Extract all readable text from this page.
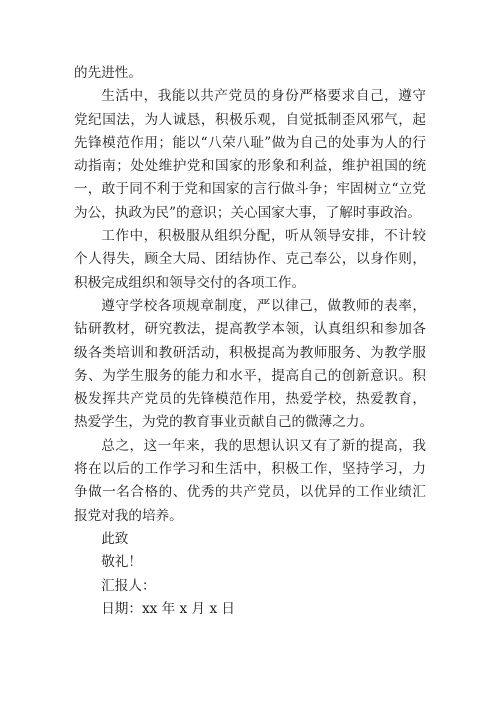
的先进性。

生活中，我能以共产党员的身份严格要求自己，遵守党纪国法，为人诚恳，积极乐观，自觉抵制歪风邪气，起先锋模范作用；能以“八荣八耻”做为自己的处事为人的行动指南；处处维护党和国家的形象和利益，维护祖国的统一，敢于同不利于党和国家的言行做斗争；牢固树立“立党为公，执政为民”的意识；关心国家大事，了解时事政治。

工作中，积极服从组织分配，听从领导安排，不计较个人得失，顾全大局、团结协作、克己奉公，以身作则，积极完成组织和领导交付的各项工作。

遵守学校各项规章制度，严以律己，做教师的表率，钻研教材，研究教法，提高教学本领，认真组织和参加各级各类培训和教研活动，积极提高为教师服务、为教学服务、为学生服务的能力和水平，提高自己的创新意识。积极发挥共产党员的先锋模范作用，热爱学校，热爱教育，热爱学生，为党的教育事业贡献自己的微薄之力。

总之，这一年来，我的思想认识又有了新的提高，我将在以后的工作学习和生活中，积极工作，坚持学习，力争做一名合格的、优秀的共产党员，以优异的工作业绩汇报党对我的培养。

此致

敬礼！

汇报人：

日期：xx 年 x 月 x 日
